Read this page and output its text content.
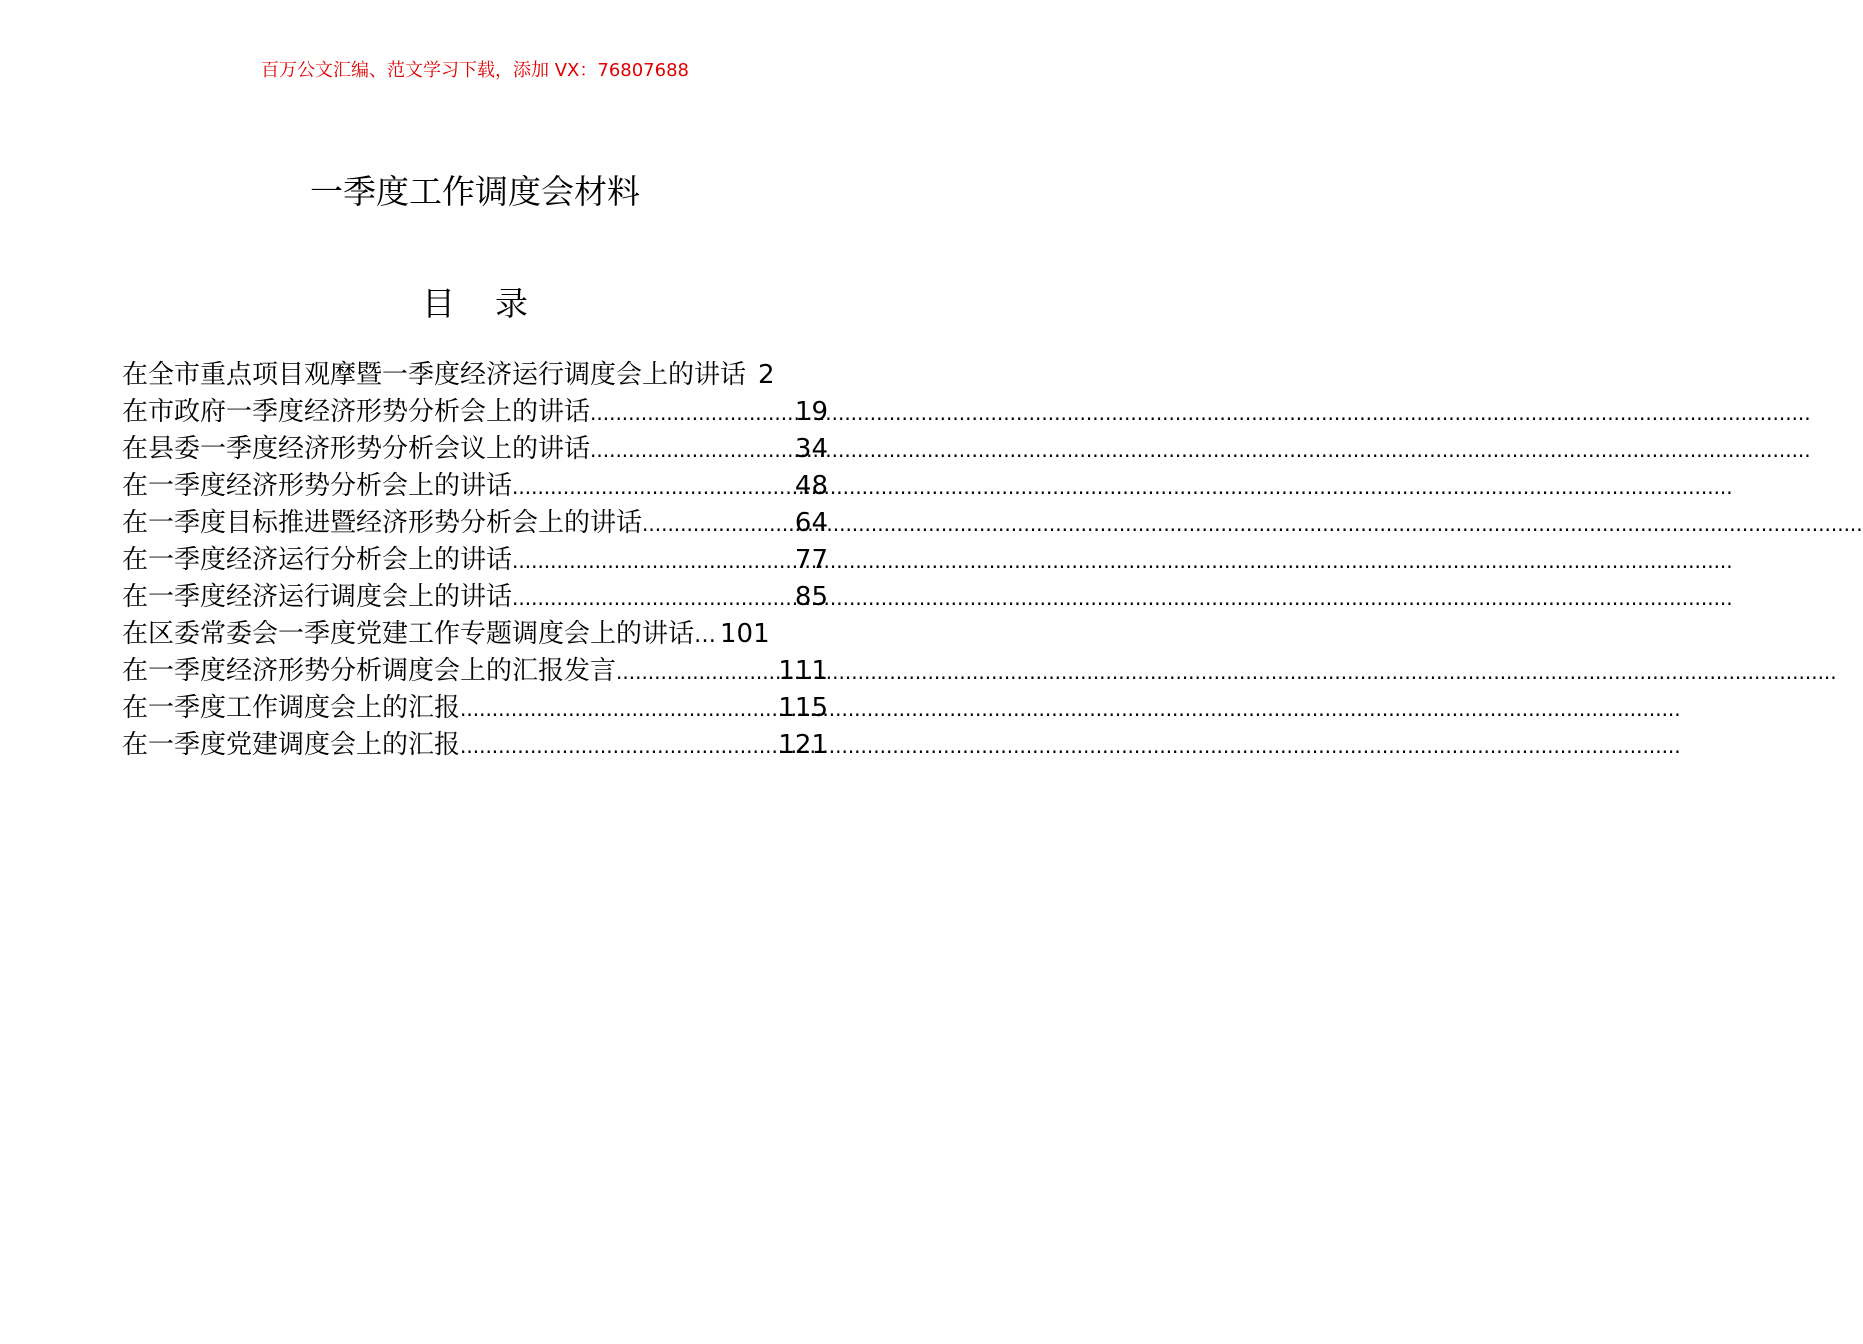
百万公文汇编、范文学习下载，添加 VX：76807688
一季度工作调度会材料
目录
在全市重点项目观摩暨一季度经济运行调度会上的讲话 2
在市政府一季度经济形势分析会上的讲话 .....	19
在县委一季度经济形势分析会议上的讲话 .....	34
在一季度经济形势分析会上的讲话 .....	48
在一季度目标推进暨经济形势分析会上的讲话 .....	64
在一季度经济运行分析会上的讲话 .....	77
在一季度经济运行调度会上的讲话 .....	85
在区委常委会一季度党建工作专题调度会上的讲话 … 101
在一季度经济形势分析调度会上的汇报发言 .....	111
在一季度工作调度会上的汇报 .....	115
在一季度党建调度会上的汇报 .....	121
